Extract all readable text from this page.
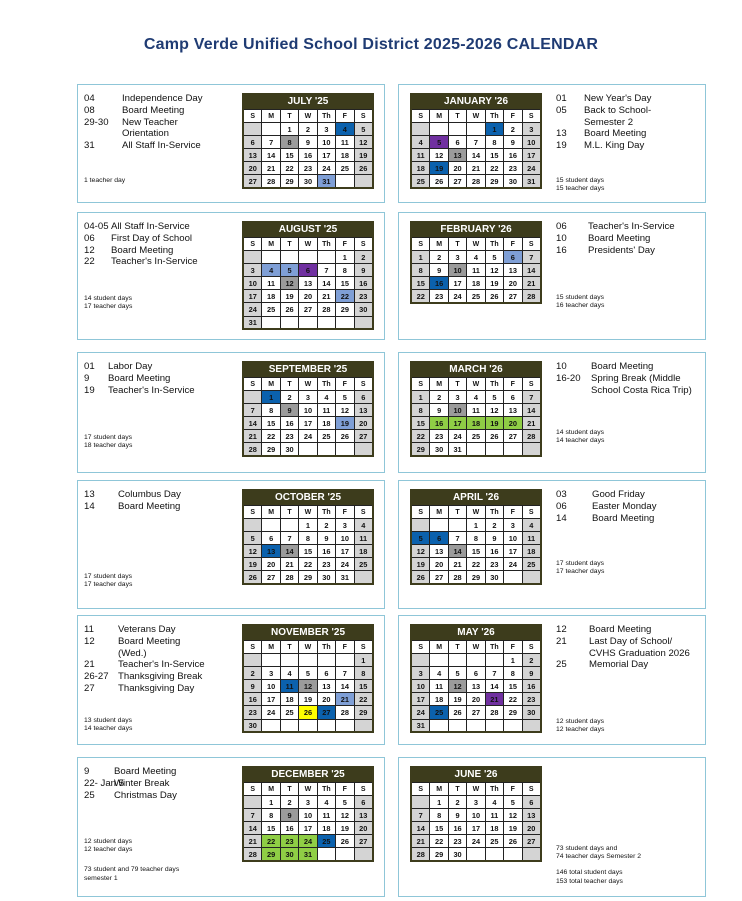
Camp Verde Unified School District 2025-2026 CALENDAR
JULY '25
S	M	T	W	Th	F	S
		1	2	3	4	5
6	7	8	9	10	11	12
13	14	15	16	17	18	19
20	21	22	23	24	25	26
27	28	29	30	31		
04	Independence Day
08	Board Meeting
29-30 New Teacher
Orientation
31	All Staff In-Service
1 teacher day
AUGUST '25
S	M	T	W	Th	F	S
					1	2
3	4	5	6	7	8	9
10	11	12	13	14	15	16
17	18	19	20	21	22	23
24	25	26	27	28	29	30
31						
04-05 All Staff In-Service
06 First Day of School
12 Board Meeting
22 Teacher's In-Service
14 student days
17 teacher days
SEPTEMBER '25
S	M	T	W	Th	F	S
	1	2	3	4	5	6
7	8	9	10	11	12	13
14	15	16	17	18	19	20
21	22	23	24	25	26	27
28	29	30				
01 Labor Day
9 Board Meeting
19 Teacher's In-Service
17 student days
18 teacher days
OCTOBER '25
S	M	T	W	Th	F	S
			1	2	3	4
5	6	7	8	9	10	11
12	13	14	15	16	17	18
19	20	21	22	23	24	25
26	27	28	29	30	31	
13 Columbus Day
14 Board Meeting
17 student days
17 teacher days
NOVEMBER '25
S	M	T	W	Th	F	S
						1
2	3	4	5	6	7	8
9	10	11	12	13	14	15
16	17	18	19	20	21	22
23	24	25	26	27	28	29
30						
11	Veterans Day
12 Board Meeting
(Wed.)
21 Teacher's In-Service
26-27 Thanksgiving Break
27 Thanksgiving Day
13 student days
14 teacher days
DECEMBER '25
S	M	T	W	Th	F	S
	1	2	3	4	5	6
7	8	9	10	11	12	13
14	15	16	17	18	19	20
21	22	23	24	25	26	27
28	29	30	31			
9	Board Meeting
22- Jan 5
Winter Break
25 Christmas Day
12 student days
12 teacher days
73 student and 79 teacher days
semester 1
JANUARY '26
S	M	T	W	Th	F	S
				1	2	3
4	5	6	7	8	9	10
11	12	13	14	15	16	17
18	19	20	21	22	23	24
25	26	27	28	29	30	31
01 New Year's Day
05 Back to School-
Semester 2
13 Board Meeting
19 M.L. King Day
15 student days
15 teacher days
FEBRUARY '26
S	M	T	W	Th	F	S
1	2	3	4	5	6	7
8	9	10	11	12	13	14
15	16	17	18	19	20	21
22	23	24	25	26	27	28
06 Teacher's In-Service
10 Board Meeting
16 Presidents' Day
15 student days
16 teacher days
MARCH '26
S	M	T	W	Th	F	S
1	2	3	4	5	6	7
8	9	10	11	12	13	14
15	16	17	18	19	20	21
22	23	24	25	26	27	28
29	30	31				
10	Board Meeting
16-20 Spring Break (Middle
School Costa Rica Trip)
14 student days
14 teacher days
APRIL '26
S	M	T	W	Th	F	S
			1	2	3	4
5	6	7	8	9	10	11
12	13	14	15	16	17	18
19	20	21	22	23	24	25
26	27	28	29	30		
03	Good Friday
06	Easter Monday
14	Board Meeting
17 student days
17 teacher days
MAY '26
S	M	T	W	Th	F	S
					1	2
3	4	5	6	7	8	9
10	11	12	13	14	15	16
17	18	19	20	21	22	23
24	25	26	27	28	29	30
31						
12 Board Meeting
21 Last Day of School/
CVHS Graduation 2026
25 Memorial Day
12 student days
12 teacher days
JUNE '26
S	M	T	W	Th	F	S
	1	2	3	4	5	6
7	8	9	10	11	12	13
14	15	16	17	18	19	20
21	22	23	24	25	26	27
28	29	30				
73 student days and
74 teacher days Semester 2
146 total student days
153 total teacher days
